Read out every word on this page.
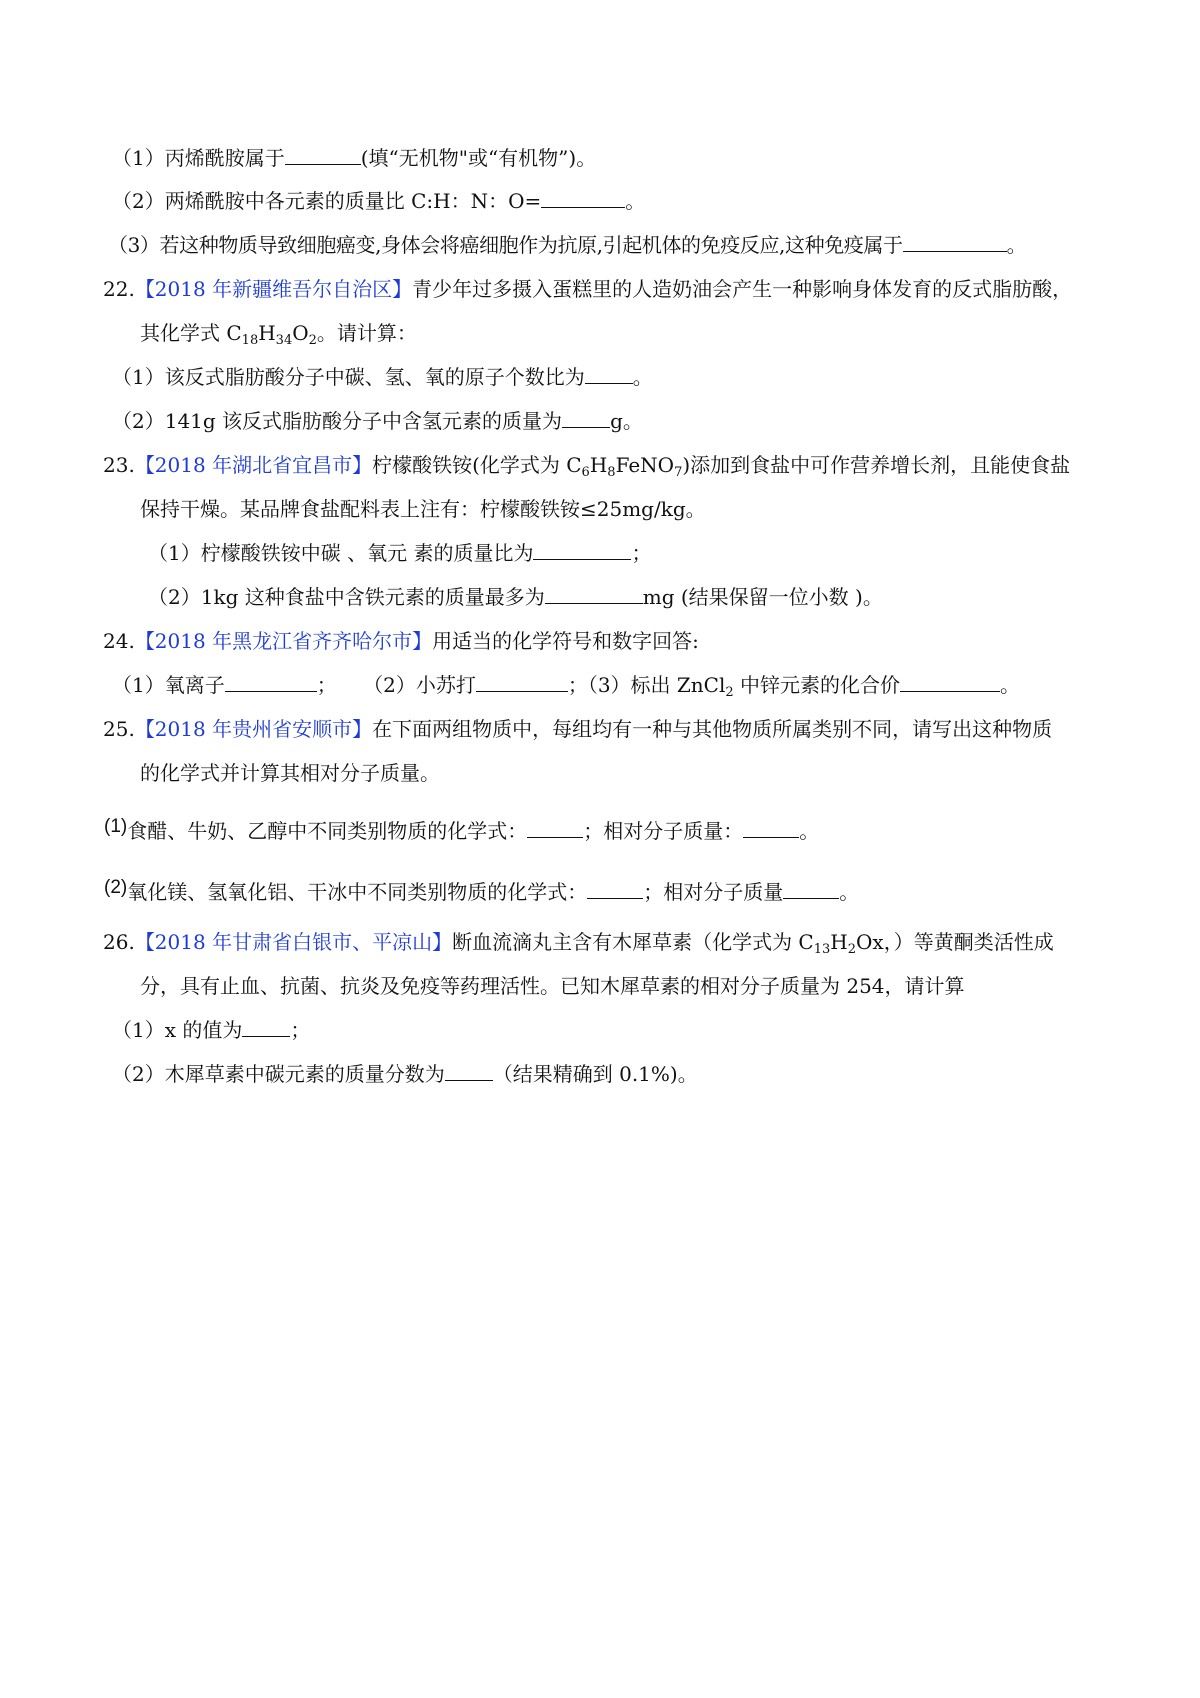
（1）丙烯酰胺属于	(填“无机物"或“有机物”)。
（2）两烯酰胺中各元素的质量比 C:H：N：O=	。
（3）若这种物质导致细胞癌变,身体会将癌细胞作为抗原,引起机体的免疫反应,这种免疫属于	。
22.【2018 年新疆维吾尔自治区】青少年过多摄入蛋糕里的人造奶油会产生一种影响身体发育的反式脂肪酸，
其化学式 $C_{18}H_{34}O_2$。请计算：
（1）该反式脂肪酸分子中碳、氢、氧的原子个数比为 。
（2）141g 该反式脂肪酸分子中含氢元素的质量为 g。
23.【2018 年湖北省宜昌市】柠檬酸铁铵(化学式为 $C_6H_8FeNO_7$)添加到食盐中可作营养增长剂，且能使食盐
保持干燥。某品牌食盐配料表上注有：柠檬酸铁铵≤25mg/kg。
（1）柠檬酸铁铵中碳 、氧元 素的质量比为	；
（2）1kg 这种食盐中含铁元素的质量最多为	mg (结果保留一位小数 )。
24.【2018 年黑龙江省齐齐哈尔市】用适当的化学符号和数字回答:
（1）氧离子	； （2）小苏打	；（3）标出 ZnCl$_2$ 中锌元素的化合价	。
25.【2018 年贵州省安顺市】在下面两组物质中，每组均有一种与其他物质所属类别不同，请写出这种物质
的化学式并计算其相对分子质量。
(1)食醋、牛奶、乙醇中不同类别物质的化学式：	；相对分子质量：	。
(2)氧化镁、氢氧化铝、干冰中不同类别物质的化学式：	；相对分子质量	。
26.【2018 年甘肃省白银市、平凉山】断血流滴丸主含有木犀草素（化学式为 $C_{13}H_2Ox$，）等黄酮类活性成
分，具有止血、抗菌、抗炎及免疫等药理活性。已知木犀草素的相对分子质量为 254，请计算
（1）x 的值为 ；
（2）木犀草素中碳元素的质量分数为 （结果精确到 0.1%)。
